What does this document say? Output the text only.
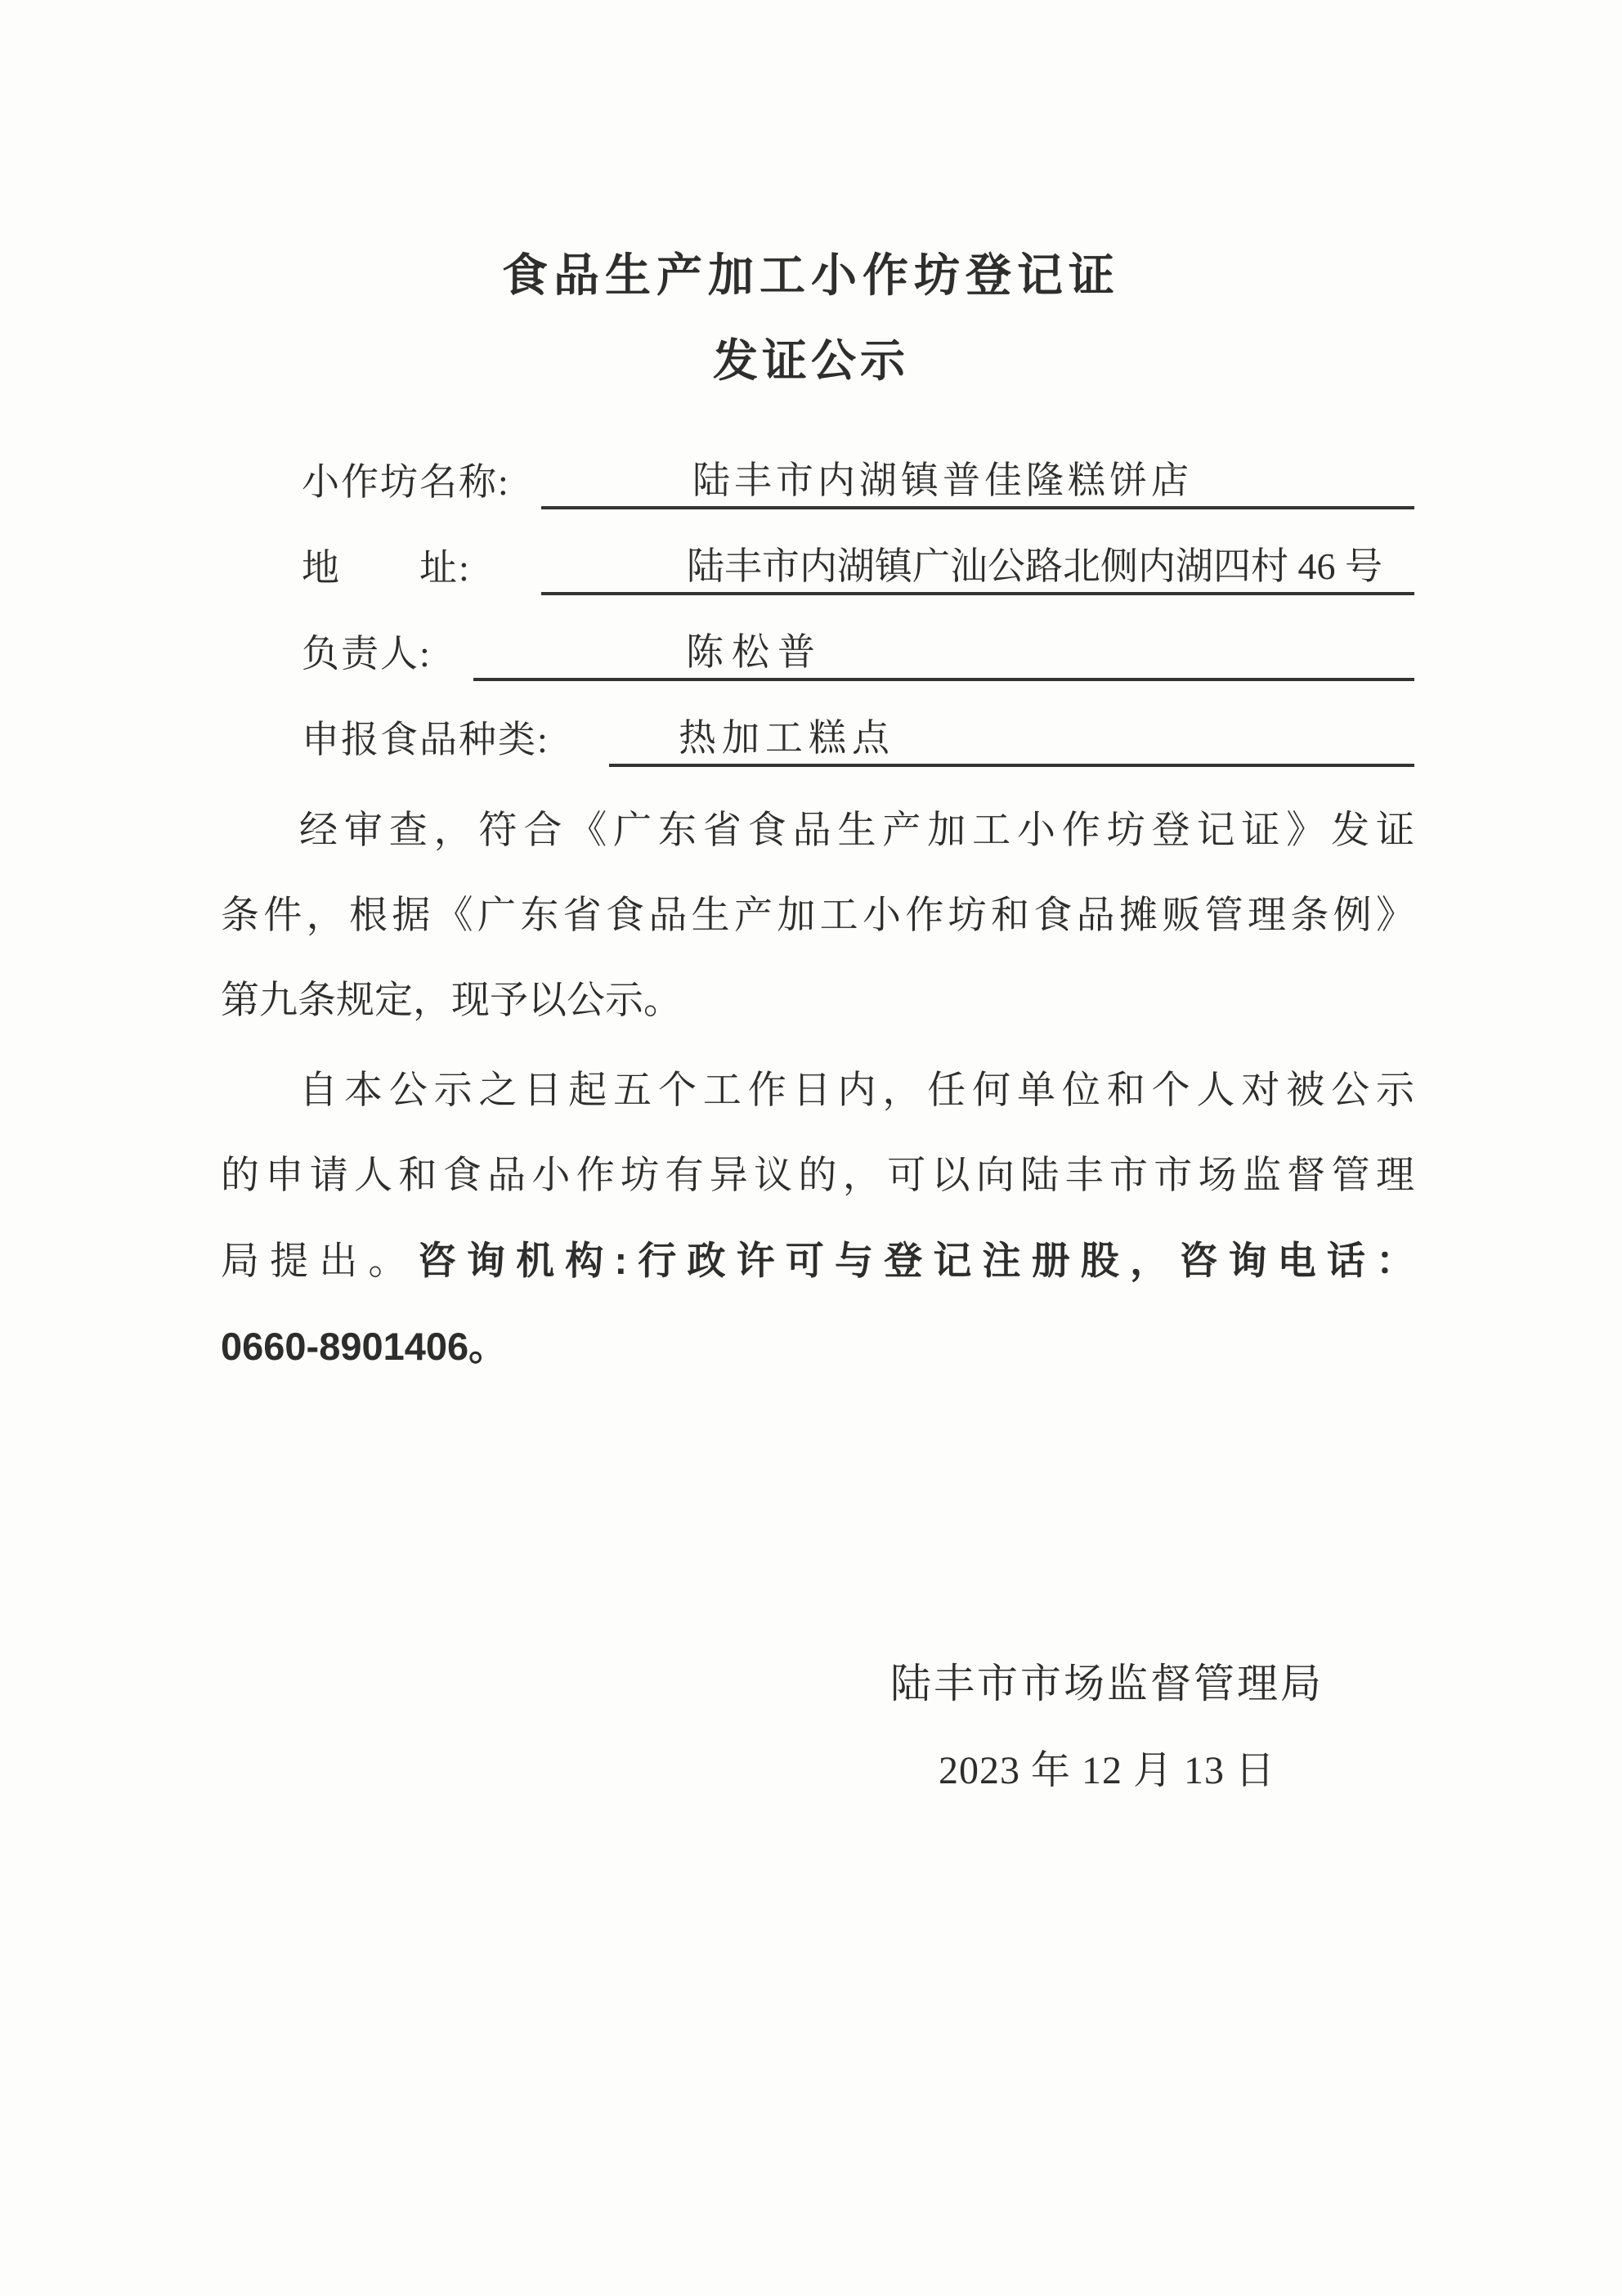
食品生产加工小作坊登记证
发证公示
小作坊名称:	陆丰市内湖镇普佳隆糕饼店
地　　址:	陆丰市内湖镇广汕公路北侧内湖四村 46 号
负责人:	陈松普
申报食品种类:	热加工糕点
经审查，符合《广东省食品生产加工小作坊登记证》发证
条件，根据《广东省食品生产加工小作坊和食品摊贩管理条例》
第九条规定，现予以公示。
自本公示之日起五个工作日内，任何单位和个人对被公示
的申请人和食品小作坊有异议的，可以向陆丰市市场监督管理
局提出。咨询机构:行政许可与登记注册股，咨询电话：
0660-8901406。
陆丰市市场监督管理局
2023 年 12 月 13 日
